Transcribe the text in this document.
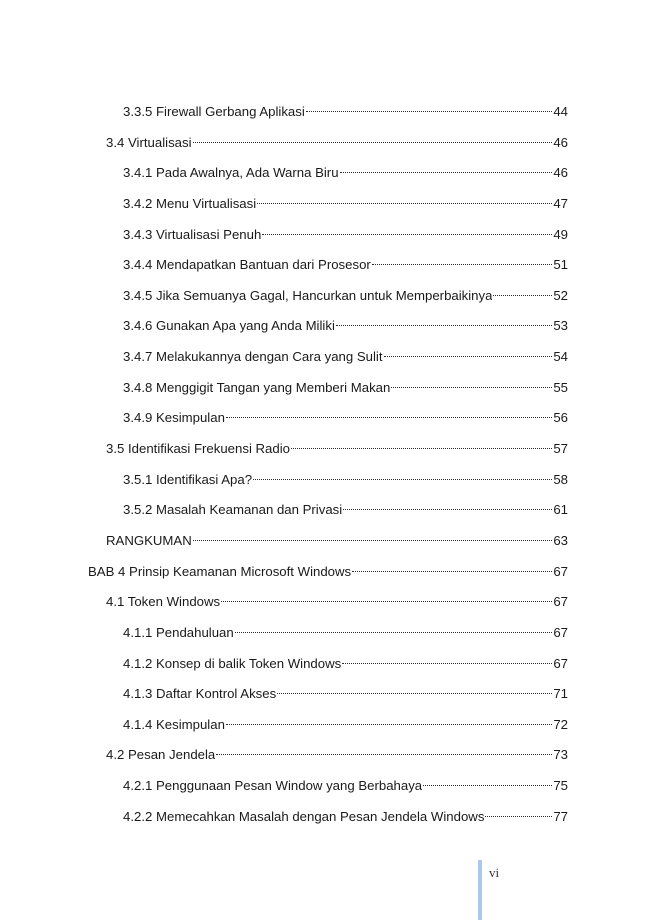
3.3.5 Firewall Gerbang Aplikasi	44
3.4 Virtualisasi	46
3.4.1 Pada Awalnya, Ada Warna Biru	46
3.4.2 Menu Virtualisasi	47
3.4.3 Virtualisasi Penuh	49
3.4.4 Mendapatkan Bantuan dari Prosesor	51
3.4.5 Jika Semuanya Gagal, Hancurkan untuk Memperbaikinya	52
3.4.6 Gunakan Apa yang Anda Miliki	53
3.4.7 Melakukannya dengan Cara yang Sulit	54
3.4.8 Menggigit Tangan yang Memberi Makan	55
3.4.9 Kesimpulan	56
3.5 Identifikasi Frekuensi Radio	57
3.5.1 Identifikasi Apa?	58
3.5.2 Masalah Keamanan dan Privasi	61
RANGKUMAN	63
BAB 4 Prinsip Keamanan Microsoft Windows	67
4.1 Token Windows	67
4.1.1 Pendahuluan	67
4.1.2 Konsep di balik Token Windows	67
4.1.3 Daftar Kontrol Akses	71
4.1.4 Kesimpulan	72
4.2 Pesan Jendela	73
4.2.1 Penggunaan Pesan Window yang Berbahaya	75
4.2.2 Memecahkan Masalah dengan Pesan Jendela Windows	77
vi
